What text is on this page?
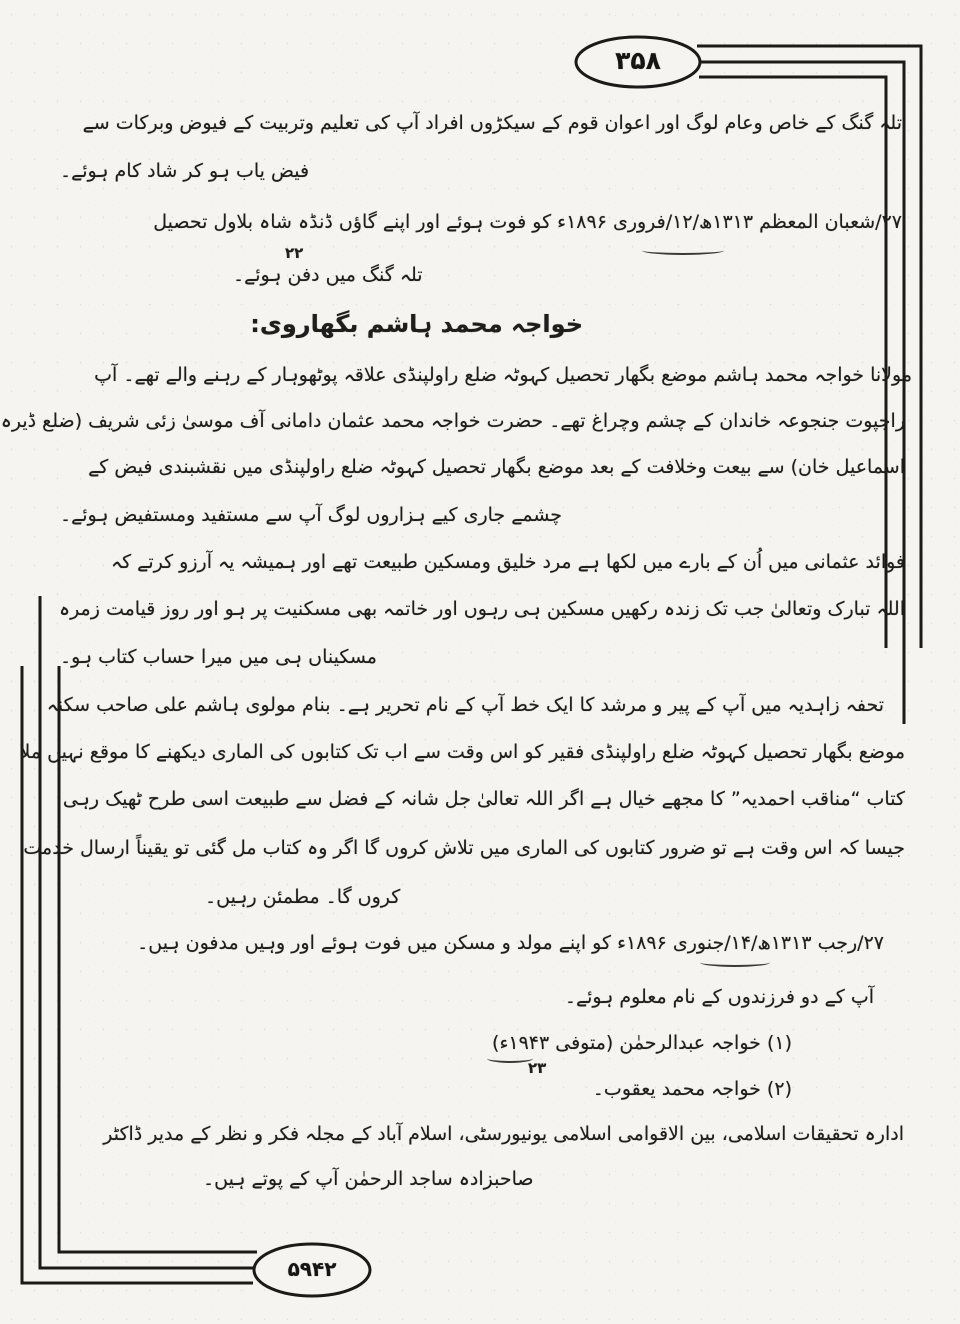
۳۵۸
۵۹۴۲
تلہ گنگ کے خاص وعام لوگ اور اعوان قوم کے سیکڑوں افراد آپ کی تعلیم وتربیت کے فیوض وبرکات سے
فیض یاب ہو کر شاد کام ہوئے۔
۲۷/شعبان المعظم ۱۳۱۳ھ/۱۲/فروری ۱۸۹۶ء کو فوت ہوئے اور اپنے گاؤں ڈنڈہ شاہ بلاول تحصیل
تلہ گنگ میں دفن ہوئے۔
خواجہ محمد ہاشم بگھاروی:
مولانا خواجہ محمد ہاشم موضع بگھار تحصیل کہوٹہ ضلع راولپنڈی علاقہ پوٹھوہار کے رہنے والے تھے۔ آپ
راجپوت جنجوعہ خاندان کے چشم وچراغ تھے۔ حضرت خواجہ محمد عثمان دامانی آف موسیٰ زئی شریف (ضلع ڈیرہ
اسماعیل خان) سے بیعت وخلافت کے بعد موضع بگھار تحصیل کہوٹہ ضلع راولپنڈی میں نقشبندی فیض کے
چشمے جاری کیے ہزاروں لوگ آپ سے مستفید ومستفیض ہوئے۔
فوائد عثمانی میں اُن کے بارے میں لکھا ہے مرد خلیق ومسکین طبیعت تھے اور ہمیشہ یہ آرزو کرتے کہ
اللہ تبارک وتعالیٰ جب تک زندہ رکھیں مسکین ہی رہوں اور خاتمہ بھی مسکنیت پر ہو اور روز قیامت زمرہ
مسکیناں ہی میں میرا حساب کتاب ہو۔
تحفہ زاہدیہ میں آپ کے پیر و مرشد کا ایک خط آپ کے نام تحریر ہے۔ بنام مولوی ہاشم علی صاحب سکنہ
موضع بگھار تحصیل کہوٹہ ضلع راولپنڈی فقیر کو اس وقت سے اب تک کتابوں کی الماری دیکھنے کا موقع نہیں ملا
کتاب “مناقب احمدیہ” کا مجھے خیال ہے اگر اللہ تعالیٰ جل شانہ کے فضل سے طبیعت اسی طرح ٹھیک رہی
جیسا کہ اس وقت ہے تو ضرور کتابوں کی الماری میں تلاش کروں گا اگر وہ کتاب مل گئی تو یقیناً ارسال خدمت
کروں گا۔ مطمئن رہیں۔
۲۷/رجب ۱۳۱۳ھ/۱۴/جنوری ۱۸۹۶ء کو اپنے مولد و مسکن میں فوت ہوئے اور وہیں مدفون ہیں۔
آپ کے دو فرزندوں کے نام معلوم ہوئے۔
(۱) خواجہ عبدالرحمٰن (متوفی ۱۹۴۳ء)
(۲) خواجہ محمد یعقوب۔
ادارہ تحقیقات اسلامی، بین الاقوامی اسلامی یونیورسٹی، اسلام آباد کے مجلہ فکر و نظر کے مدیر ڈاکٹر
صاحبزادہ ساجد الرحمٰن آپ کے پوتے ہیں۔
۲۲
۲۳
